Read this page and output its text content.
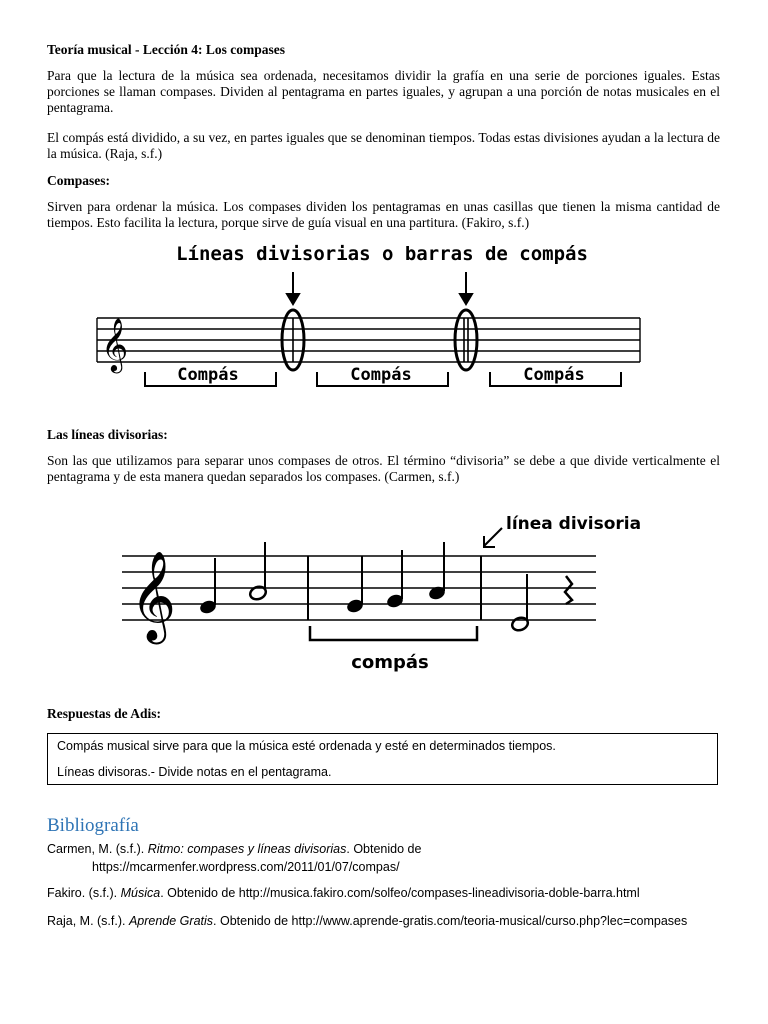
Teoría musical - Lección 4: Los compases

Para que la lectura de la música sea ordenada, necesitamos dividir la grafía en una serie de porciones iguales. Estas porciones se llaman compases. Dividen al pentagrama en partes iguales, y agrupan a una porción de notas musicales en el pentagrama.

El compás está dividido, a su vez, en partes iguales que se denominan tiempos. Todas estas divisiones ayudan a la lectura de la música. (Raja, s.f.)

Compases:

Sirven para ordenar la música. Los compases dividen los pentagramas en unas casillas que tienen la misma cantidad de tiempos. Esto facilita la lectura, porque sirve de guía visual en una partitura. (Fakiro, s.f.)

Líneas divisorias o barras de compás
𝄞
Compás	Compás	Compás
Las líneas divisorias:

Son las que utilizamos para separar unos compases de otros. El término “divisoria” se debe a que divide verticalmente el pentagrama y de esta manera quedan separados los compases. (Carmen, s.f.)

línea divisoria
𝄞
compás
Respuestas de Adis:

Compás musical sirve para que la música esté ordenada y esté en determinados tiempos.

Líneas divisoras.- Divide notas en el pentagrama.

Bibliografía
Carmen, M. (s.f.). Ritmo: compases y líneas divisorias. Obtenido de
https://mcarmenfer.wordpress.com/2011/01/07/compas/
Fakiro. (s.f.). Música. Obtenido de http://musica.fakiro.com/solfeo/compases-lineadivisoria-doble-barra.html
Raja, M. (s.f.). Aprende Gratis. Obtenido de http://www.aprende-gratis.com/teoria-musical/curso.php?lec=compases
